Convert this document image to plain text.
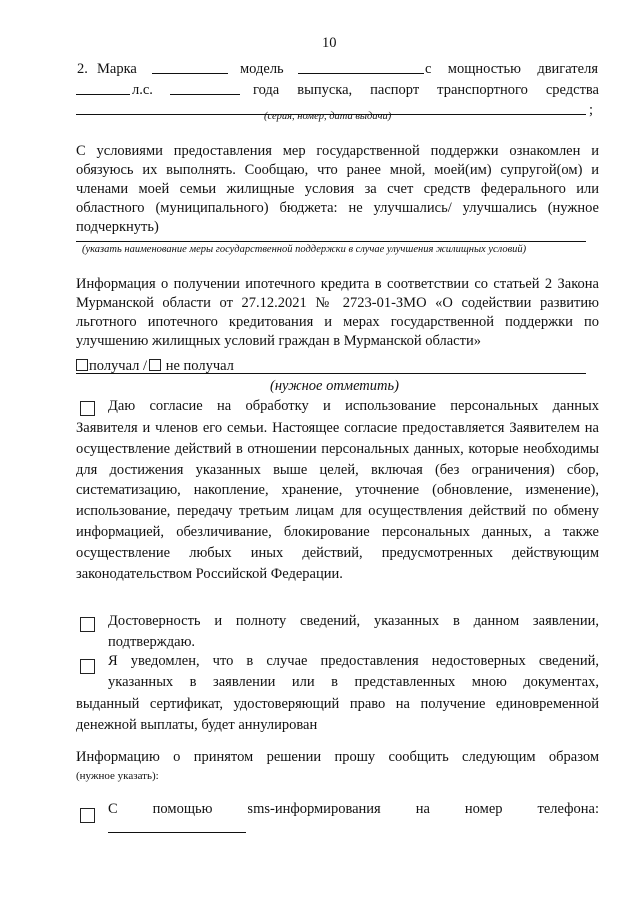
10
2. Марка	модель	с мощностью двигателя
л.с.	года выпуска, паспорт транспортного средства
;
(серия, номер, дата выдачи)
С условиями предоставления мер государственной поддержки ознакомлен и обязуюсь их выполнять. Сообщаю, что ранее мной, моей(им) супругой(ом) и членами моей семьи жилищные условия за счет средств федерального или областного (муниципального) бюджета: не улучшались/ улучшались (нужное подчеркнуть)
(указать наименование меры государственной поддержки в случае улучшения жилищных условий)
Информация о получении ипотечного кредита в соответствии со статьей 2 Закона Мурманской области от 27.12.2021 № 2723-01-ЗМО «О содействии развитию льготного ипотечного кредитования и мерах государственной поддержки по улучшению жилищных условий граждан в Мурманской области»
получал / не получал
(нужное отметить)
Даю согласие на обработку и использование персональных данных
Заявителя и членов его семьи. Настоящее согласие предоставляется Заявителем на осуществление действий в отношении персональных данных, которые необходимы для достижения указанных выше целей, включая (без ограничения) сбор, систематизацию, накопление, хранение, уточнение (обновление, изменение), использование, передачу третьим лицам для осуществления действий по обмену информацией, обезличивание, блокирование персональных данных, а также осуществление любых иных действий, предусмотренных действующим законодательством Российской Федерации.
Достоверность и полноту сведений, указанных в данном заявлении, подтверждаю.
Я уведомлен, что в случае предоставления недостоверных сведений,
указанных в заявлении или в представленных мною документах,
выданный сертификат, удостоверяющий право на получение единовременной денежной выплаты, будет аннулирован
Информацию о принятом решении прошу сообщить следующим образом
(нужное указать):
С помощью sms-информирования на номер телефона:
